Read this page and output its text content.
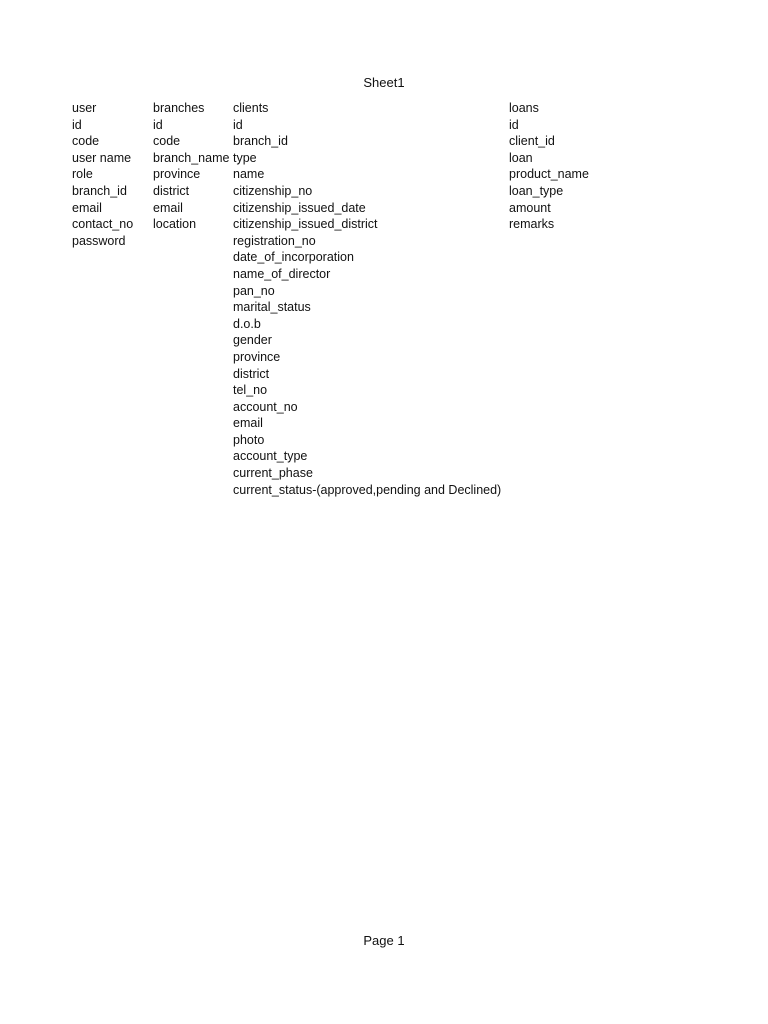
Sheet1
user
id
code
user name
role
branch_id
email
contact_no
password
branches
id
code
branch_name
province
district
email
location
clients
id
branch_id
type
name
citizenship_no
citizenship_issued_date
citizenship_issued_district
registration_no
date_of_incorporation
name_of_director
pan_no
marital_status
d.o.b
gender
province
district
tel_no
account_no
email
photo
account_type
current_phase
current_status-(approved,pending and Declined)
loans
id
client_id
loan
product_name
loan_type
amount
remarks
Page 1
